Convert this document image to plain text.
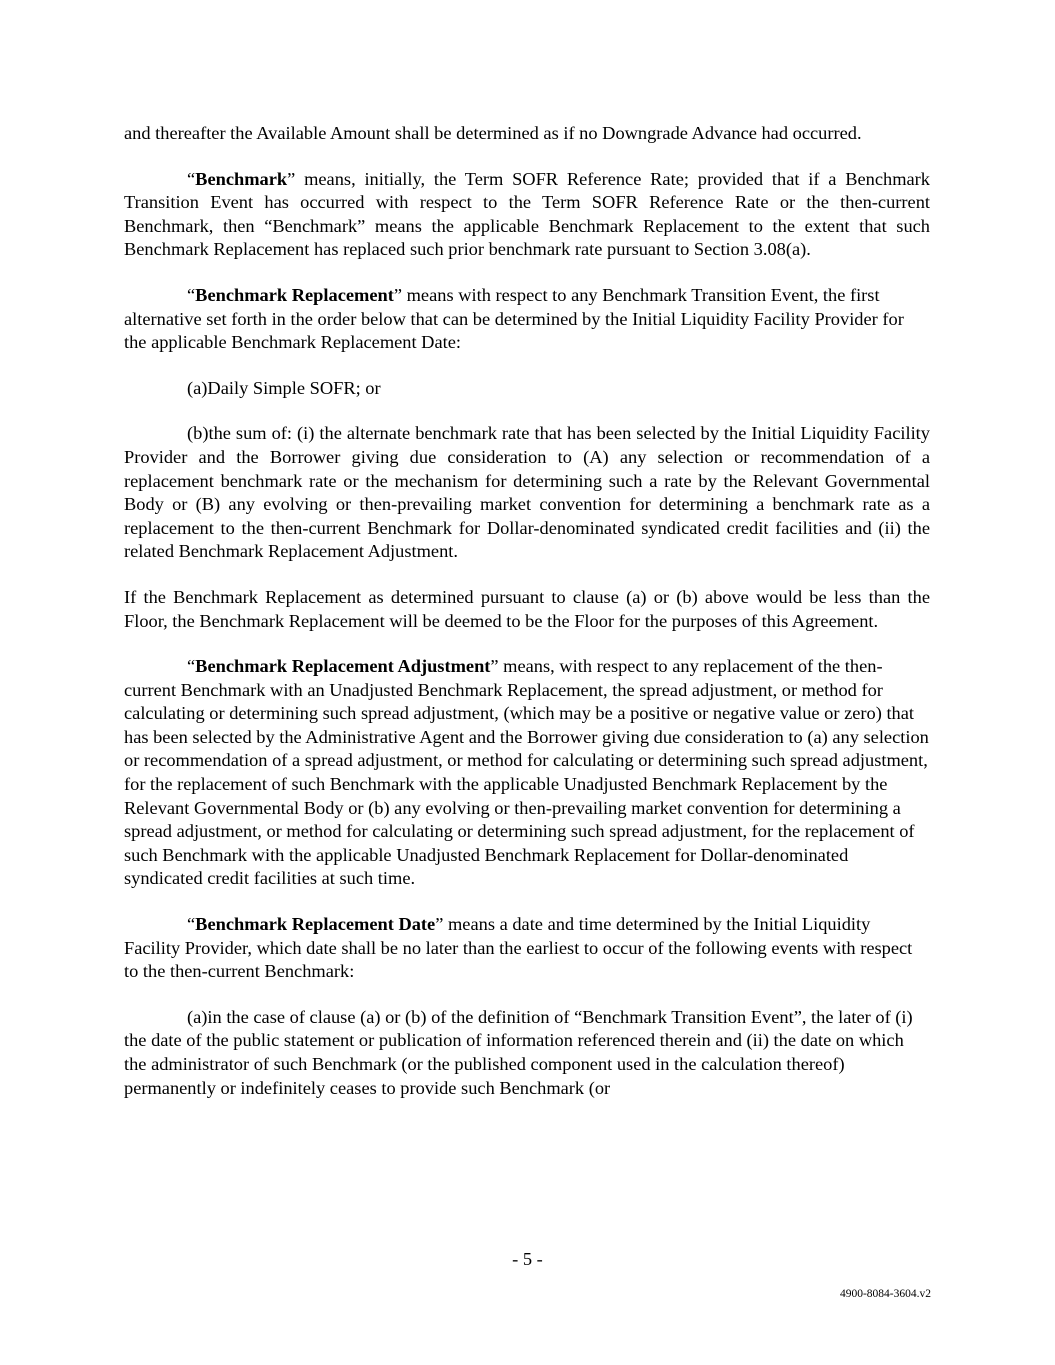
and thereafter the Available Amount shall be determined as if no Downgrade Advance had occurred.

“Benchmark” means, initially, the Term SOFR Reference Rate; provided that if a Benchmark Transition Event has occurred with respect to the Term SOFR Reference Rate or the then-current Benchmark, then “Benchmark” means the applicable Benchmark Replacement to the extent that such Benchmark Replacement has replaced such prior benchmark rate pursuant to Section 3.08(a).

“Benchmark Replacement” means with respect to any Benchmark Transition Event, the first alternative set forth in the order below that can be determined by the Initial Liquidity Facility Provider for the applicable Benchmark Replacement Date:

(a)Daily Simple SOFR; or

(b)the sum of: (i) the alternate benchmark rate that has been selected by the Initial Liquidity Facility Provider and the Borrower giving due consideration to (A) any selection or recommendation of a replacement benchmark rate or the mechanism for determining such a rate by the Relevant Governmental Body or (B) any evolving or then-prevailing market convention for determining a benchmark rate as a replacement to the then-current Benchmark for Dollar-denominated syndicated credit facilities and (ii) the related Benchmark Replacement Adjustment.

If the Benchmark Replacement as determined pursuant to clause (a) or (b) above would be less than the Floor, the Benchmark Replacement will be deemed to be the Floor for the purposes of this Agreement.

“Benchmark Replacement Adjustment” means, with respect to any replacement of the then-current Benchmark with an Unadjusted Benchmark Replacement, the spread adjustment, or method for calculating or determining such spread adjustment, (which may be a positive or negative value or zero) that has been selected by the Administrative Agent and the Borrower giving due consideration to (a) any selection or recommendation of a spread adjustment, or method for calculating or determining such spread adjustment, for the replacement of such Benchmark with the applicable Unadjusted Benchmark Replacement by the Relevant Governmental Body or (b) any evolving or then-prevailing market convention for determining a spread adjustment, or method for calculating or determining such spread adjustment, for the replacement of such Benchmark with the applicable Unadjusted Benchmark Replacement for Dollar-denominated syndicated credit facilities at such time.

“Benchmark Replacement Date” means a date and time determined by the Initial Liquidity Facility Provider, which date shall be no later than the earliest to occur of the following events with respect to the then-current Benchmark:

(a)in the case of clause (a) or (b) of the definition of “Benchmark Transition Event”, the later of (i) the date of the public statement or publication of information referenced therein and (ii) the date on which the administrator of such Benchmark (or the published component used in the calculation thereof) permanently or indefinitely ceases to provide such Benchmark (or

- 5 -
4900-8084-3604.v2
